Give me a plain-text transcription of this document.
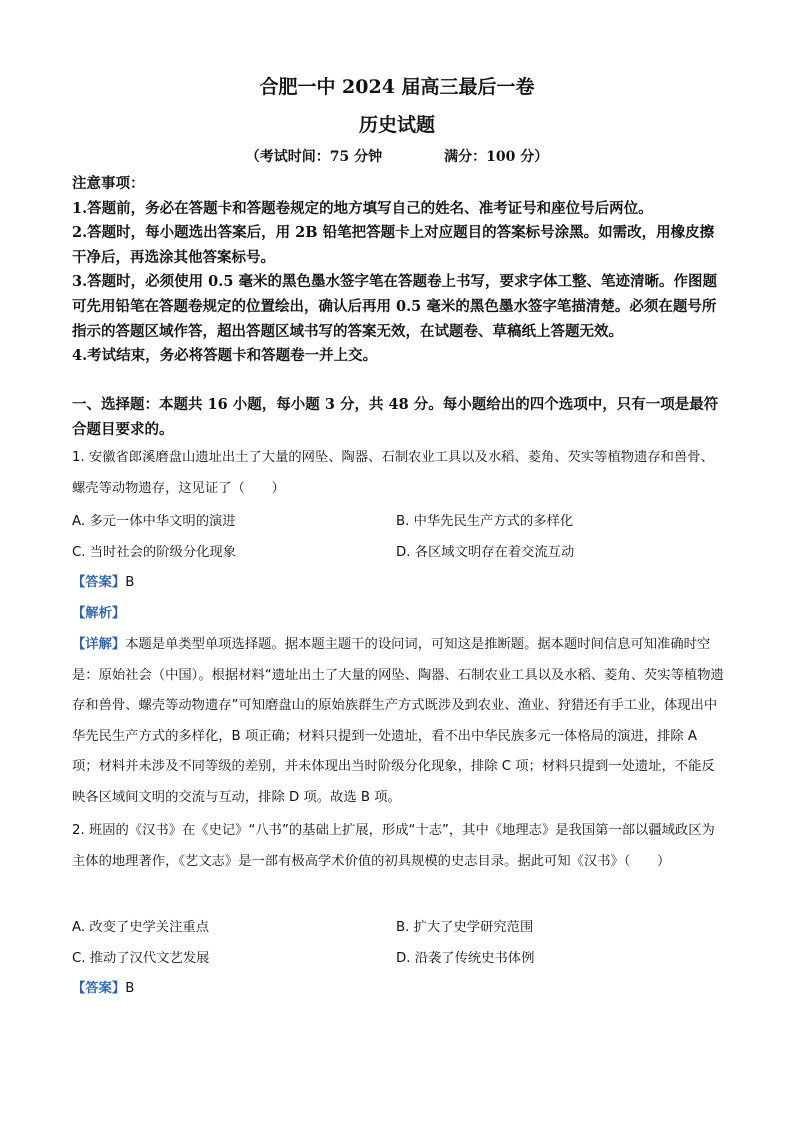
合肥一中 2024 届高三最后一卷
历史试题
（考试时间：75 分钟	满分：100 分）

注意事项：

1.答题前，务必在答题卡和答题卷规定的地方填写自己的姓名、准考证号和座位号后两位。

2.答题时，每小题选出答案后，用 2B 铅笔把答题卡上对应题目的答案标号涂黑。如需改，用橡皮擦干净后，再选涂其他答案标号。

3.答题时，必须使用 0.5 毫米的黑色墨水签字笔在答题卷上书写，要求字体工整、笔迹清晰。作图题可先用铅笔在答题卷规定的位置绘出，确认后再用 0.5 毫米的黑色墨水签字笔描清楚。必须在题号所指示的答题区域作答，超出答题区域书写的答案无效，在试题卷、草稿纸上答题无效。

4.考试结束，务必将答题卡和答题卷一并上交。

一、选择题：本题共 16 小题，每小题 3 分，共 48 分。每小题给出的四个选项中，只有一项是最符合题目要求的。

1. 安徽省郎溪磨盘山遗址出土了大量的网坠、陶器、石制农业工具以及水稻、菱角、芡实等植物遗存和兽骨、螺壳等动物遗存，这见证了（　　）

A. 多元一体中华文明的演进	B. 中华先民生产方式的多样化
C. 当时社会的阶级分化现象	D. 各区域文明存在着交流互动
【答案】B
【解析】

【详解】本题是单类型单项选择题。据本题主题干的设问词，可知这是推断题。据本题时间信息可知准确时空是：原始社会（中国）。根据材料“遗址出土了大量的网坠、陶器、石制农业工具以及水稻、菱角、芡实等植物遗存和兽骨、螺壳等动物遗存”可知磨盘山的原始族群生产方式既涉及到农业、渔业、狩猎还有手工业，体现出中华先民生产方式的多样化，B 项正确；材料只提到一处遗址，看不出中华民族多元一体格局的演进，排除 A 项；材料并未涉及不同等级的差别，并未体现出当时阶级分化现象，排除 C 项；材料只提到一处遗址，不能反映各区域间文明的交流与互动，排除 D 项。故选 B 项。

2. 班固的《汉书》在《史记》“八书”的基础上扩展，形成“十志”，其中《地理志》是我国第一部以疆域政区为主体的地理著作，《艺文志》是一部有极高学术价值的初具规模的史志目录。据此可知《汉书》（　　）

A. 改变了史学关注重点	B. 扩大了史学研究范围
C. 推动了汉代文艺发展	D. 沿袭了传统史书体例
【答案】B
